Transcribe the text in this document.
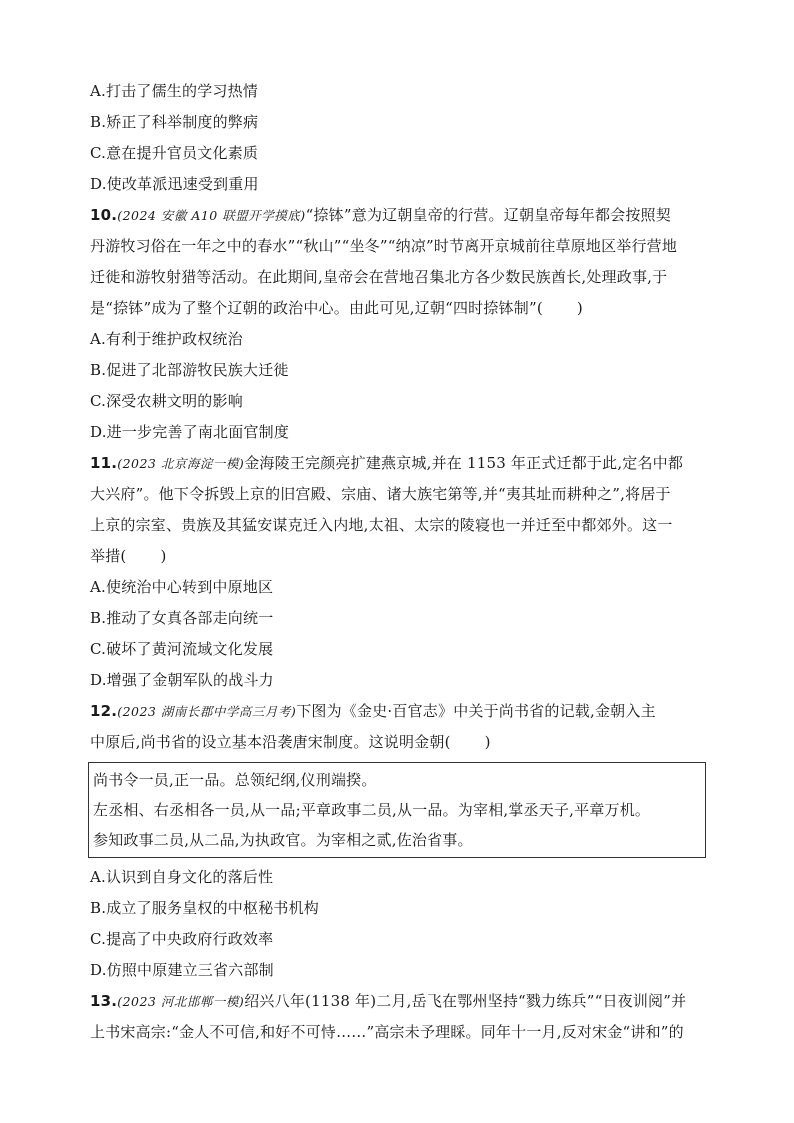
A.打击了儒生的学习热情
B.矫正了科举制度的弊病
C.意在提升官员文化素质
D.使改革派迅速受到重用
10.(2024 安徽 A10 联盟开学摸底)“捺钵”意为辽朝皇帝的行营。辽朝皇帝每年都会按照契
丹游牧习俗在一年之中的春水”“秋山”“坐冬”“纳凉”时节离开京城前往草原地区举行营地
迁徙和游牧射猎等活动。在此期间,皇帝会在营地召集北方各少数民族酋长,处理政事,于
是“捺钵”成为了整个辽朝的政治中心。由此可见,辽朝“四时捺钵制”( )
A.有利于维护政权统治
B.促进了北部游牧民族大迁徙
C.深受农耕文明的影响
D.进一步完善了南北面官制度
11.(2023 北京海淀一模)金海陵王完颜亮扩建燕京城,并在 1153 年正式迁都于此,定名中都
大兴府”。他下令拆毁上京的旧宫殿、宗庙、诸大族宅第等,并“夷其址而耕种之”,将居于
上京的宗室、贵族及其猛安谋克迁入内地,太祖、太宗的陵寝也一并迁至中都郊外。这一
举措( )
A.使统治中心转到中原地区
B.推动了女真各部走向统一
C.破坏了黄河流域文化发展
D.增强了金朝军队的战斗力
12.(2023 湖南长郡中学高三月考)下图为《金史·百官志》中关于尚书省的记载,金朝入主
中原后,尚书省的设立基本沿袭唐宋制度。这说明金朝( )
尚书令一员,正一品。总领纪纲,仪刑端揆。
左丞相、右丞相各一员,从一品;平章政事二员,从一品。为宰相,掌丞天子,平章万机。
参知政事二员,从二品,为执政官。为宰相之贰,佐治省事。
A.认识到自身文化的落后性
B.成立了服务皇权的中枢秘书机构
C.提高了中央政府行政效率
D.仿照中原建立三省六部制
13.(2023 河北邯郸一模)绍兴八年(1138 年)二月,岳飞在鄂州坚持“戮力练兵”“日夜训阅”并
上书宋高宗:“金人不可信,和好不可恃……”高宗未予理睬。同年十一月,反对宋金“讲和”的
